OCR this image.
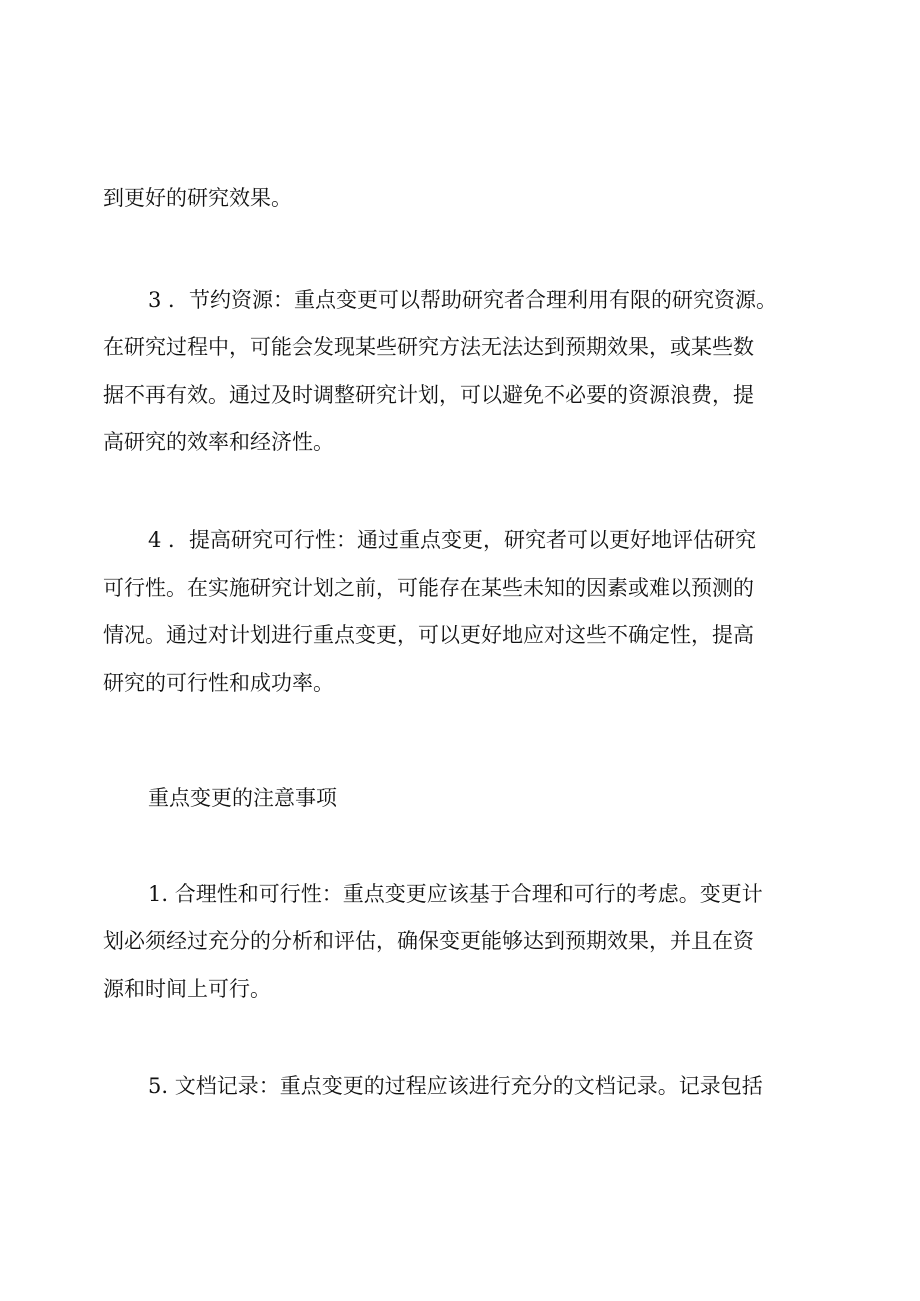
到更好的研究效果。
3 ．节约资源：重点变更可以帮助研究者合理利用有限的研究资源。
在研究过程中，可能会发现某些研究方法无法达到预期效果，或某些数
据不再有效。通过及时调整研究计划，可以避免不必要的资源浪费，提
高研究的效率和经济性。
4 ．提高研究可行性：通过重点变更，研究者可以更好地评估研究
可行性。在实施研究计划之前，可能存在某些未知的因素或难以预测的
情况。通过对计划进行重点变更，可以更好地应对这些不确定性，提高
研究的可行性和成功率。
重点变更的注意事项
1. 合理性和可行性：重点变更应该基于合理和可行的考虑。变更计
划必须经过充分的分析和评估，确保变更能够达到预期效果，并且在资
源和时间上可行。
5. 文档记录：重点变更的过程应该进行充分的文档记录。记录包括
